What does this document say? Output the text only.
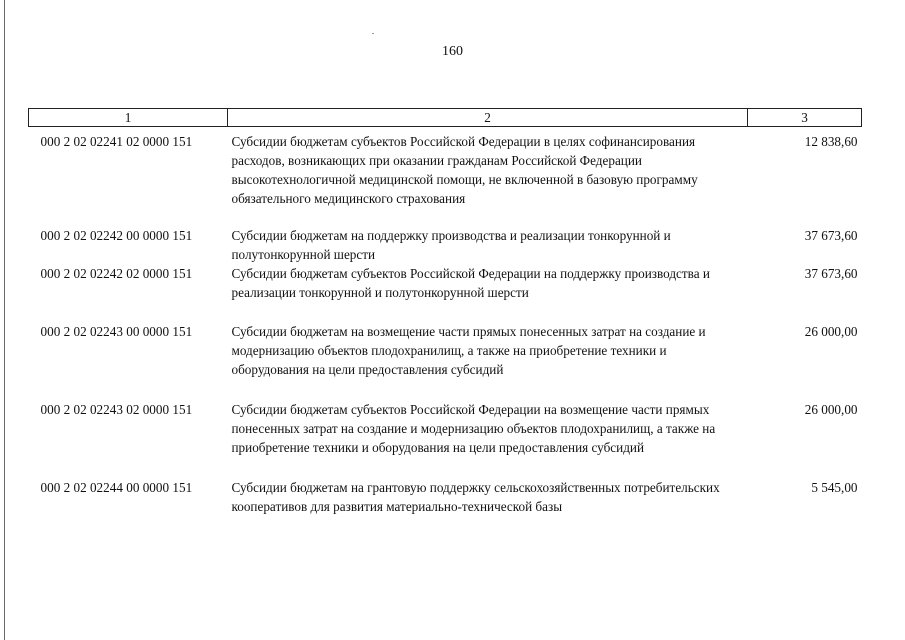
160
1	2	3
000 2 02 02241 02 0000 151	Субсидии бюджетам субъектов Российской Федерации в целях софинансирования расходов, возникающих при оказании гражданам Российской Федерации высокотехнологичной медицинской помощи, не включенной в базовую программу обязательного медицинского страхования	12 838,60
000 2 02 02242 00 0000 151	Субсидии бюджетам на поддержку производства и реализации тонкорунной и полутонкорунной шерсти	37 673,60
000 2 02 02242 02 0000 151	Субсидии бюджетам субъектов Российской Федерации на поддержку производства и реализации тонкорунной и полутонкорунной шерсти	37 673,60
000 2 02 02243 00 0000 151	Субсидии бюджетам на возмещение части прямых понесенных затрат на создание и модернизацию объектов плодохранилищ, а также на приобретение техники и оборудования на цели предоставления субсидий	26 000,00
000 2 02 02243 02 0000 151	Субсидии бюджетам субъектов Российской Федерации на возмещение части прямых понесенных затрат на создание и модернизацию объектов плодохранилищ, а также на приобретение техники и оборудования на цели предоставления субсидий	26 000,00
000 2 02 02244 00 0000 151	Субсидии бюджетам на грантовую поддержку сельскохозяйственных потребительских кооперативов для развития материально-технической базы	5 545,00
